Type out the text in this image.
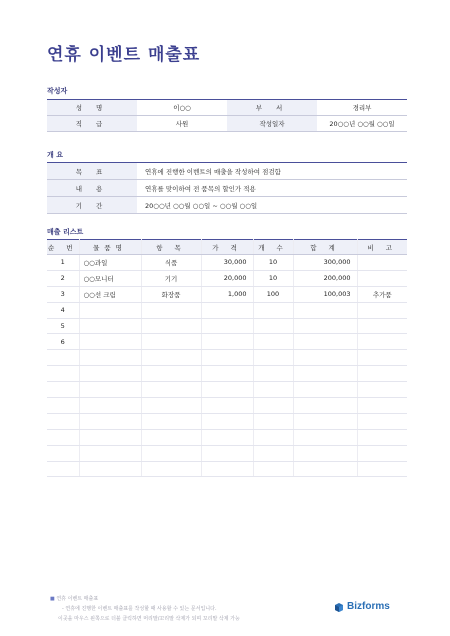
연휴 이벤트 매출표
작성자
성 명	이○○	부 서	경리부
직 급	사원	작성일자	20○○년 ○○월 ○○일
개 요
목 표	연휴에 진행한 이벤트의 매출을 작성하여 점검함
내 용	연휴를 맞이하여 전 품목의 할인가 적용
기 간	20○○년 ○○월 ○○일 ~ ○○월 ○○일
매출 리스트
순 번	물품명	항 목	가 격	개 수	합 계	비 고
1	○○과일	식품	30,000	10	300,000	
2	○○모니터	기기	20,000	10	200,000	
3	○○선 크림	화장품	1,000	100	100,003	추가품
4						
5						
6						

■ 연휴 이벤트 매출표
- 연휴에 진행한 이벤트 매출표를 작성할 때 사용할 수 있는 문서입니다.
이곳을 마우스 왼쪽으로 더블 클릭하면 머리말/꼬리말 삭제가 되며 꼬리말 삭제 가능
Bizforms
